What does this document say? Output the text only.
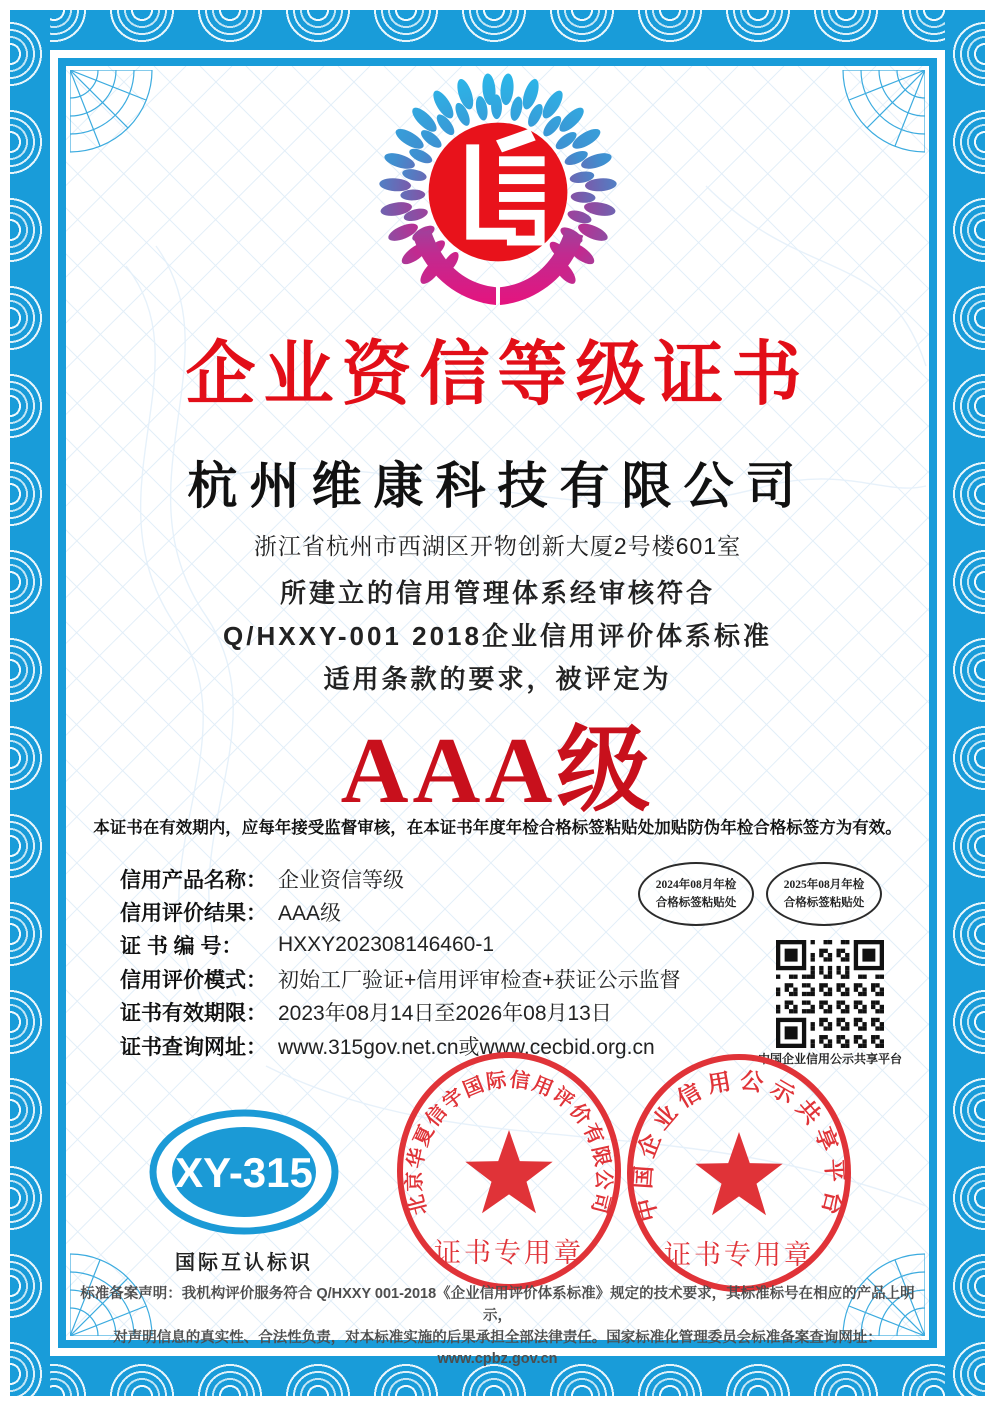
企业资信等级证书
杭州维康科技有限公司
浙江省杭州市西湖区开物创新大厦2号楼601室
所建立的信用管理体系经审核符合
Q/HXXY-001 2018企业信用评价体系标准
适用条款的要求，被评定为
AAA级
本证书在有效期内，应每年接受监督审核，在本证书年度年检合格标签粘贴处加贴防伪年检合格标签方为有效。
信用产品名称： 企业资信等级
信用评价结果： AAA级
证 书 编 号：	HXXY202308146460-1
信用评价模式： 初始工厂验证+信用评审检查+获证公示监督
证书有效期限： 2023年08月14日至2026年08月13日
证书查询网址： www.315gov.net.cn或www.cecbid.org.cn
2024年08月年检
合格标签粘贴处
2025年08月年检
合格标签粘贴处
中国企业信用公示共享平台
XY-315
国际互认标识
北京华夏信宇国际信用评价有限公司
证书专用章
中国企业信用公示共享平台
证书专用章
标准备案声明：我机构评价服务符合 Q/HXXY 001-2018《企业信用评价体系标准》规定的技术要求，其标准标号在相应的产品上明示，
对声明信息的真实性、合法性负责，对本标准实施的后果承担全部法律责任。国家标准化管理委员会标准备案查询网址：www.cpbz.gov.cn
